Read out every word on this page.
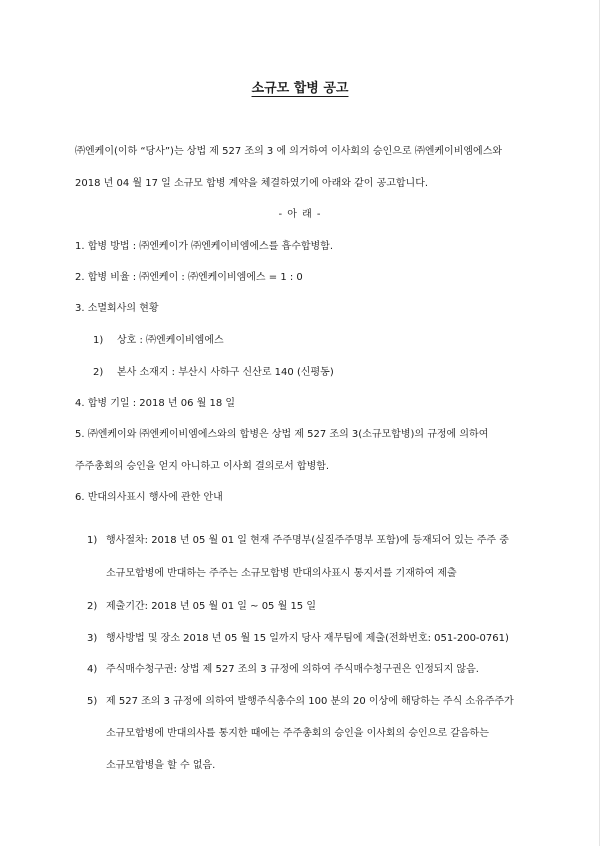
소규모 합병 공고
㈜엔케이(이하 “당사”)는 상법 제 527 조의 3 에 의거하여 이사회의 승인으로 ㈜엔케이비엠에스와
2018 년 04 월 17 일 소규모 합병 계약을 체결하였기에 아래와 같이 공고합니다.
- 아 래 -
1. 합병 방법 : ㈜엔케이가 ㈜엔케이비엠에스를 흡수합병함.
2. 합병 비율 : ㈜엔케이 : ㈜엔케이비엠에스 = 1 : 0
3. 소멸회사의 현황
1) 상호 : ㈜엔케이비엠에스
2) 본사 소재지 : 부산시 사하구 신산로 140 (신평동)
4. 합병 기일 : 2018 년 06 월 18 일
5. ㈜엔케이와 ㈜엔케이비엠에스와의 합병은 상법 제 527 조의 3(소규모합병)의 규정에 의하여
주주총회의 승인을 얻지 아니하고 이사회 결의로서 합병함.
6. 반대의사표시 행사에 관한 안내
1) 행사절차: 2018 년 05 월 01 일 현재 주주명부(실질주주명부 포함)에 등재되어 있는 주주 중
소규모합병에 반대하는 주주는 소규모합병 반대의사표시 통지서를 기재하여 제출
2) 제출기간: 2018 년 05 월 01 일 ~ 05 월 15 일
3) 행사방법 및 장소 2018 년 05 월 15 일까지 당사 재무팀에 제출(전화번호: 051-200-0761)
4) 주식매수청구권: 상법 제 527 조의 3 규정에 의하여 주식매수청구권은 인정되지 않음.
5) 제 527 조의 3 규정에 의하여 발행주식총수의 100 분의 20 이상에 해당하는 주식 소유주주가
소규모합병에 반대의사를 통지한 때에는 주주총회의 승인을 이사회의 승인으로 갈음하는
소규모합병을 할 수 없음.
